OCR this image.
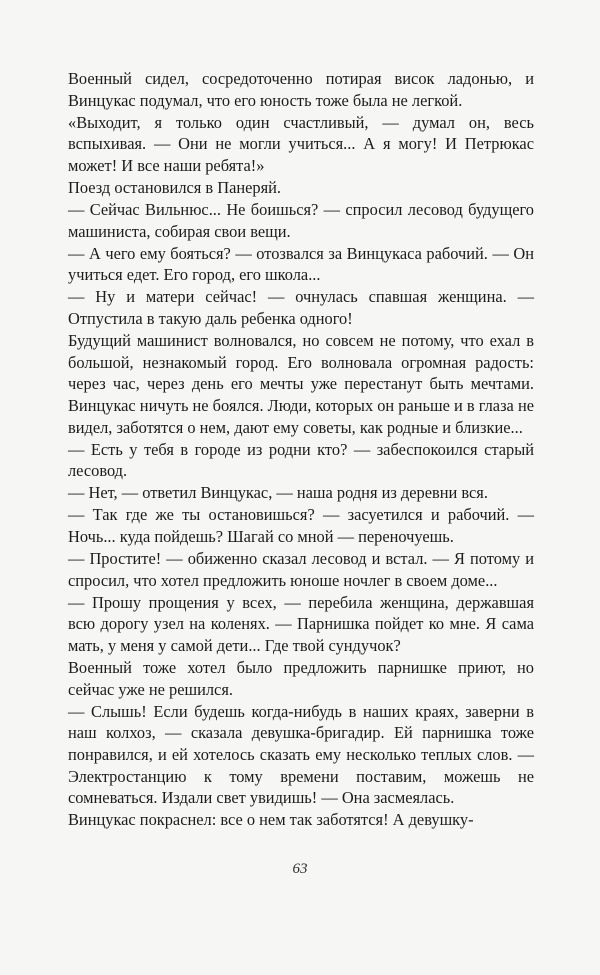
Военный сидел, сосредоточенно потирая висок ладонью, и Винцукас подумал, что его юность тоже была не легкой.

«Выходит, я только один счастливый, — думал он, весь вспыхивая. — Они не могли учиться... А я могу! И Петрюкас может! И все наши ребята!»

Поезд остановился в Панеряй.

— Сейчас Вильнюс... Не боишься? — спросил лесовод будущего машиниста, собирая свои вещи.

— А чего ему бояться? — отозвался за Винцукаса рабочий. — Он учиться едет. Его город, его школа...

— Ну и матери сейчас! — очнулась спавшая женщина. — Отпустила в такую даль ребенка одного!

Будущий машинист волновался, но совсем не потому, что ехал в большой, незнакомый город. Его волновала огромная радость: через час, через день его мечты уже перестанут быть мечтами. Винцукас ничуть не боялся. Люди, которых он раньше и в глаза не видел, заботятся о нем, дают ему советы, как родные и близкие...

— Есть у тебя в городе из родни кто? — забеспокоился старый лесовод.

— Нет, — ответил Винцукас, — наша родня из деревни вся.

— Так где же ты остановишься? — засуетился и рабочий. — Ночь... куда пойдешь? Шагай со мной — переночуешь.

— Простите! — обиженно сказал лесовод и встал. — Я потому и спросил, что хотел предложить юноше ночлег в своем доме...

— Прошу прощения у всех, — перебила женщина, державшая всю дорогу узел на коленях. — Парнишка пойдет ко мне. Я сама мать, у меня у самой дети... Где твой сундучок?

Военный тоже хотел было предложить парнишке приют, но сейчас уже не решился.

— Слышь! Если будешь когда-нибудь в наших краях, заверни в наш колхоз, — сказала девушка-бригадир. Ей парнишка тоже понравился, и ей хотелось сказать ему несколько теплых слов. — Электростанцию к тому времени поставим, можешь не сомневаться. Издали свет увидишь! — Она засмеялась.

Винцукас покраснел: все о нем так заботятся! А девушку-

63
